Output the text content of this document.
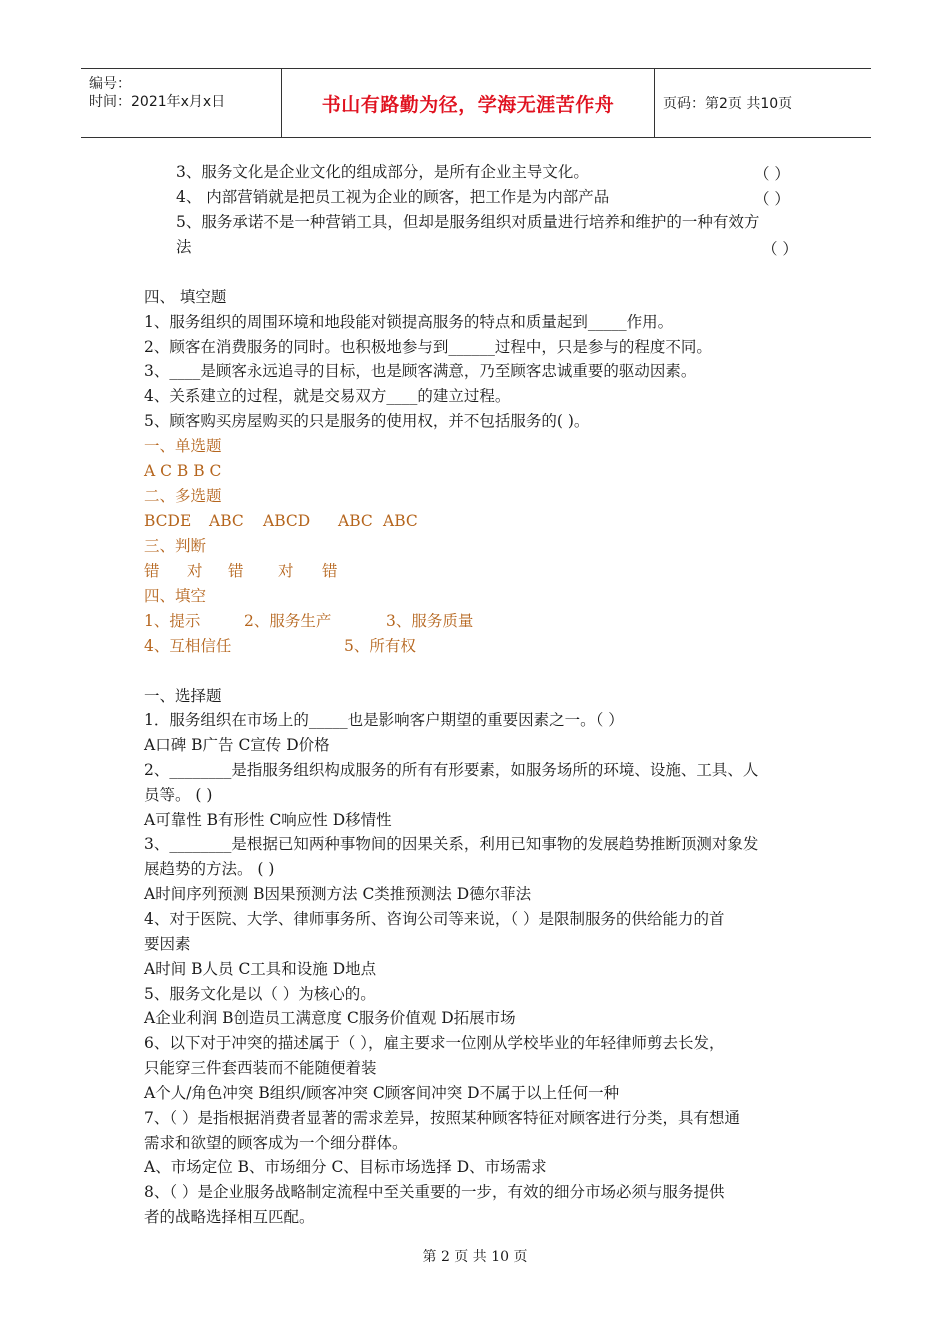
编号：
时间：2021年x月x日	书山有路勤为径，学海无涯苦作舟	页码：第2页 共10页
3、服务文化是企业文化的组成部分，是所有企业主导文化。	（ ）
4、 内部营销就是把员工视为企业的顾客，把工作是为内部产品	（ ）
5、服务承诺不是一种营销工具，但却是服务组织对质量进行培养和维护的一种有效方
法	（ ）
四、 填空题
1、服务组织的周围环境和地段能对锁提高服务的特点和质量起到_____作用。
2、顾客在消费服务的同时。也积极地参与到______过程中，只是参与的程度不同。
3、____是顾客永远追寻的目标，也是顾客满意，乃至顾客忠诚重要的驱动因素。
4、关系建立的过程，就是交易双方____的建立过程。
5、顾客购买房屋购买的只是服务的使用权，并不包括服务的( )。
一、单选题
A C B B C
二、多选题
BCDE ABC ABCD ABC ABC
三、判断
错 对 错 对 错
四、填空
1、提示	2、服务生产	3、服务质量
4、互相信任	5、所有权
一、选择题
1．服务组织在市场上的_____也是影响客户期望的重要因素之一。（ ）
A口碑 B广告 C宣传 D价格
2、________是指服务组织构成服务的所有有形要素，如服务场所的环境、设施、工具、人
员等。 ( )
A可靠性 B有形性 C响应性 D移情性
3、________是根据已知两种事物间的因果关系，利用已知事物的发展趋势推断顶测对象发
展趋势的方法。 ( )
A时间序列预测 B因果预测方法 C类推预测法 D德尔菲法
4、对于医院、大学、律师事务所、咨询公司等来说，（ ）是限制服务的供给能力的首
要因素
A时间 B人员 C工具和设施 D地点
5、服务文化是以（ ）为核心的。
A企业利润 B创造员工满意度 C服务价值观 D拓展市场
6、以下对于冲突的描述属于（ ），雇主要求一位刚从学校毕业的年轻律师剪去长发，
只能穿三件套西装而不能随便着装
A个人/角色冲突 B组织/顾客冲突 C顾客间冲突 D不属于以上任何一种
7、（ ）是指根据消费者显著的需求差异，按照某种顾客特征对顾客进行分类，具有想通
需求和欲望的顾客成为一个细分群体。
A、市场定位 B、市场细分 C、目标市场选择 D、市场需求
8、（ ）是企业服务战略制定流程中至关重要的一步，有效的细分市场必须与服务提供
者的战略选择相互匹配。
第 2 页 共 10 页
